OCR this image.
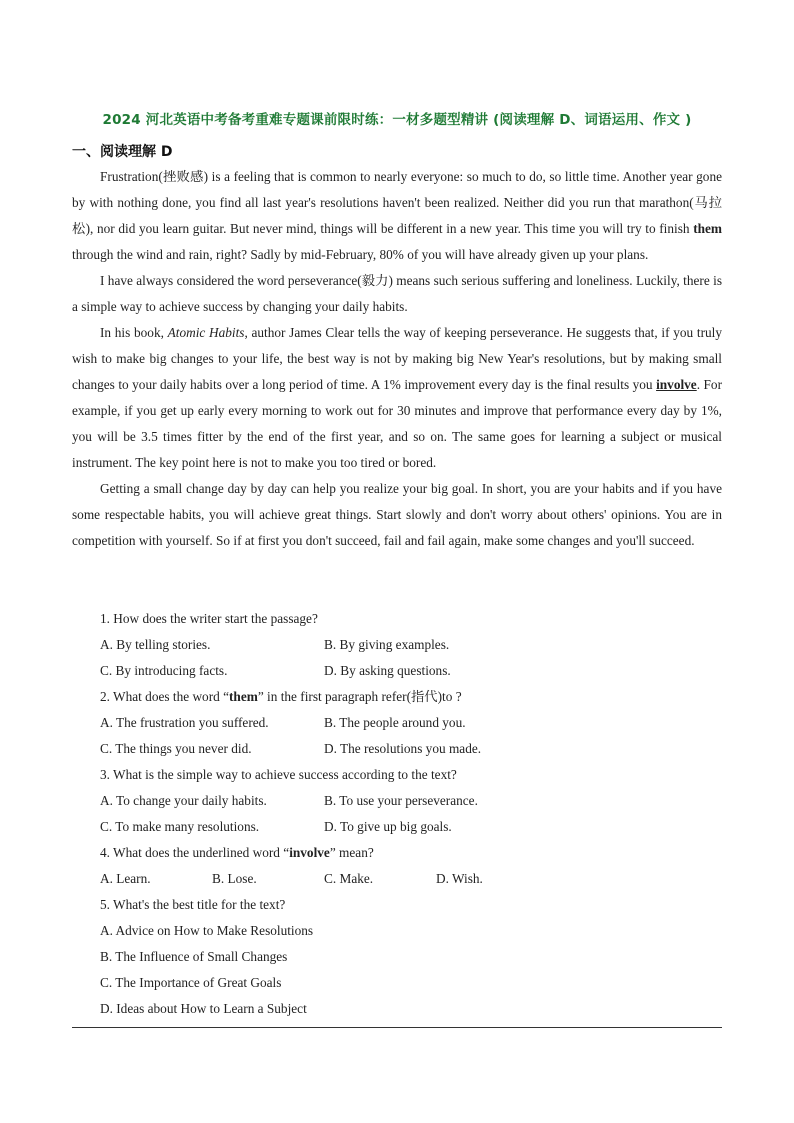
2024 河北英语中考备考重难专题课前限时练：一材多题型精讲 (阅读理解 D、词语运用、作文 )
一、阅读理解 D

Frustration(挫败感) is a feeling that is common to nearly everyone: so much to do, so little time. Another year gone by with nothing done, you find all last year's resolutions haven't been realized. Neither did you run that marathon(马拉松), nor did you learn guitar. But never mind, things will be different in a new year. This time you will try to finish them through the wind and rain, right? Sadly by mid-February, 80% of you will have already given up your plans.

I have always considered the word perseverance(毅力) means such serious suffering and loneliness. Luckily, there is a simple way to achieve success by changing your daily habits.

In his book, Atomic Habits, author James Clear tells the way of keeping perseverance. He suggests that, if you truly wish to make big changes to your life, the best way is not by making big New Year's resolutions, but by making small changes to your daily habits over a long period of time. A 1% improvement every day is the final results you involve. For example, if you get up early every morning to work out for 30 minutes and improve that performance every day by 1%, you will be 3.5 times fitter by the end of the first year, and so on. The same goes for learning a subject or musical instrument. The key point here is not to make you too tired or bored.

Getting a small change day by day can help you realize your big goal. In short, you are your habits and if you have some respectable habits, you will achieve great things. Start slowly and don't worry about others' opinions. You are in competition with yourself. So if at first you don't succeed, fail and fail again, make some changes and you'll succeed.

1. How does the writer start the passage?
A. By telling stories.	B. By giving examples.
C. By introducing facts.	D. By asking questions.
2. What does the word “them” in the first paragraph refer(指代)to ?
A. The frustration you suffered.	B. The people around you.
C. The things you never did.	D. The resolutions you made.
3. What is the simple way to achieve success according to the text?
A. To change your daily habits.	B. To use your perseverance.
C. To make many resolutions.	D. To give up big goals.
4. What does the underlined word “involve” mean?
A. Learn.	B. Lose.	C. Make.	D. Wish.
5. What's the best title for the text?
A. Advice on How to Make Resolutions
B. The Influence of Small Changes
C. The Importance of Great Goals
D. Ideas about How to Learn a Subject
